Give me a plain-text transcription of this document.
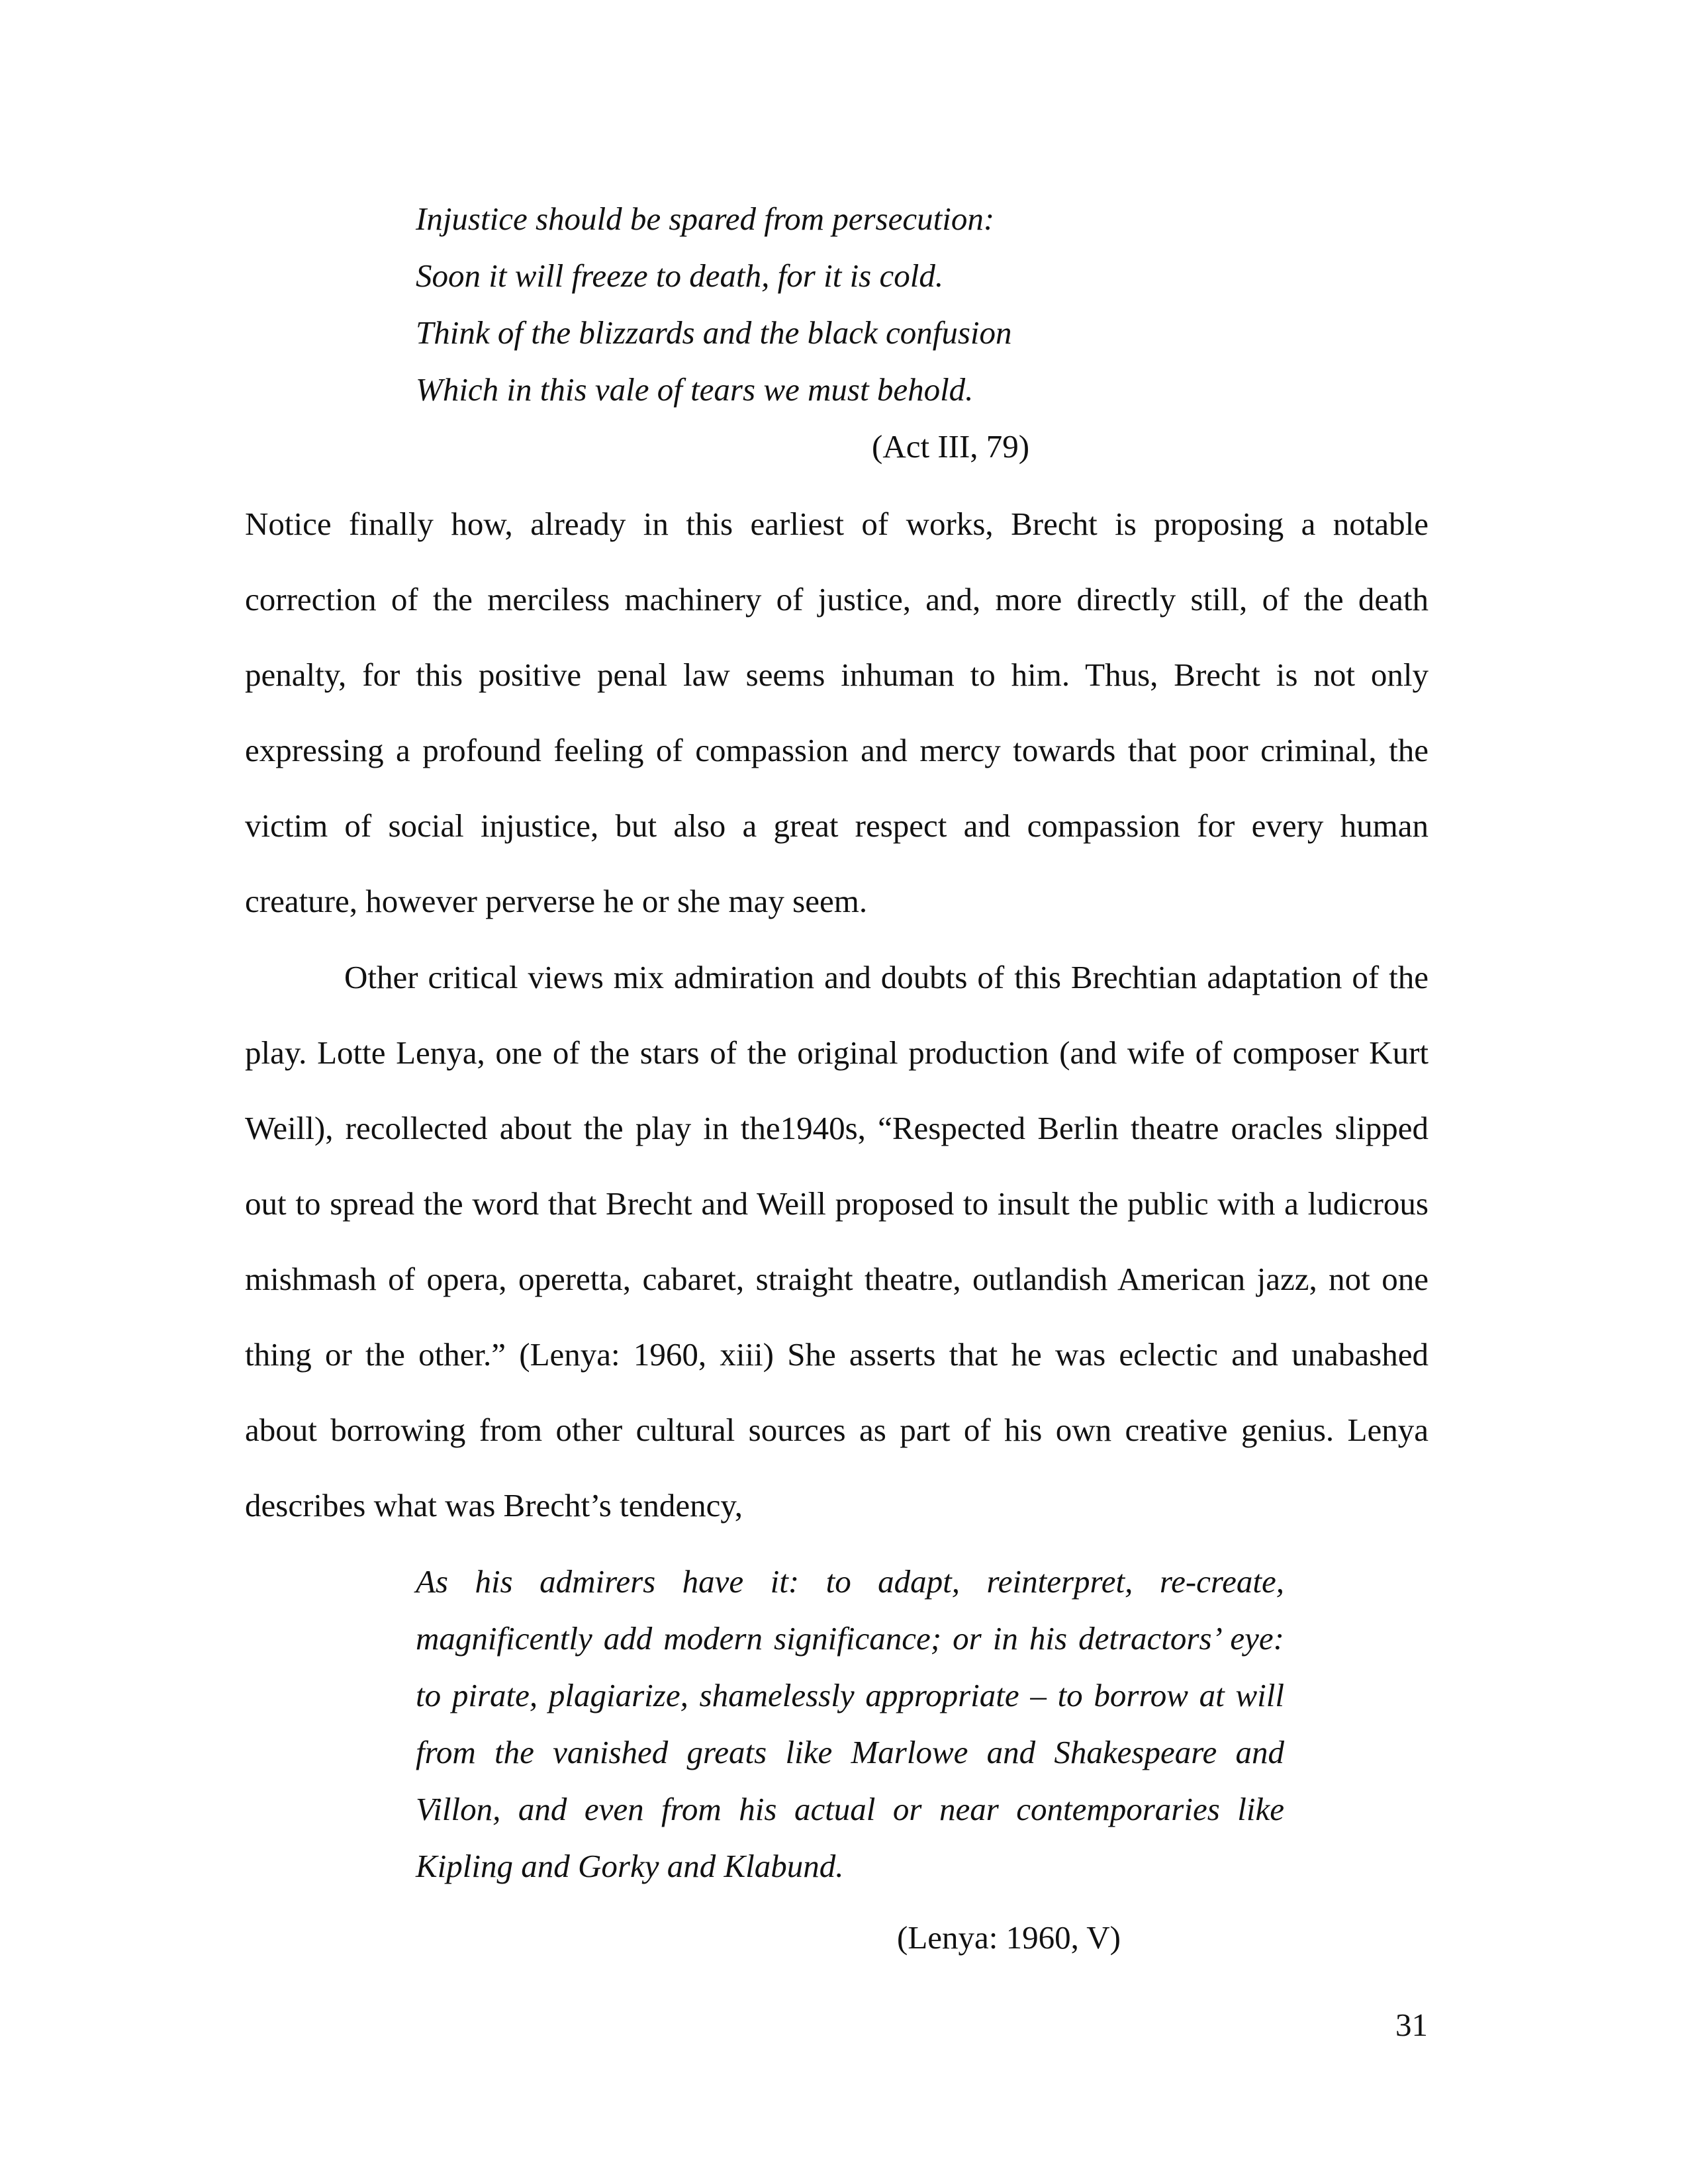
Injustice should be spared from persecution:
Soon it will freeze to death, for it is cold.
Think of the blizzards and the black confusion
Which in this vale of tears we must behold.
(Act III, 79)

Notice finally how, already in this earliest of works, Brecht is proposing a notable correction of the merciless machinery of justice, and, more directly still, of the death penalty, for this positive penal law seems inhuman to him. Thus, Brecht is not only expressing a profound feeling of compassion and mercy towards that poor criminal, the victim of social injustice, but also a great respect and compassion for every human creature, however perverse he or she may seem.

Other critical views mix admiration and doubts of this Brechtian adaptation of the play. Lotte Lenya, one of the stars of the original production (and wife of composer Kurt Weill), recollected about the play in the1940s, “Respected Berlin theatre oracles slipped out to spread the word that Brecht and Weill proposed to insult the public with a ludicrous mishmash of opera, operetta, cabaret, straight theatre, outlandish American jazz, not one thing or the other.” (Lenya: 1960, xiii) She asserts that he was eclectic and unabashed about borrowing from other cultural sources as part of his own creative genius. Lenya describes what was Brecht’s tendency,

As his admirers have it: to adapt, reinterpret, re-create, magnificently add modern significance; or in his detractors’ eye: to pirate, plagiarize, shamelessly appropriate – to borrow at will from the vanished greats like Marlowe and Shakespeare and Villon, and even from his actual or near contemporaries like Kipling and Gorky and Klabund.

(Lenya: 1960, V)
31
